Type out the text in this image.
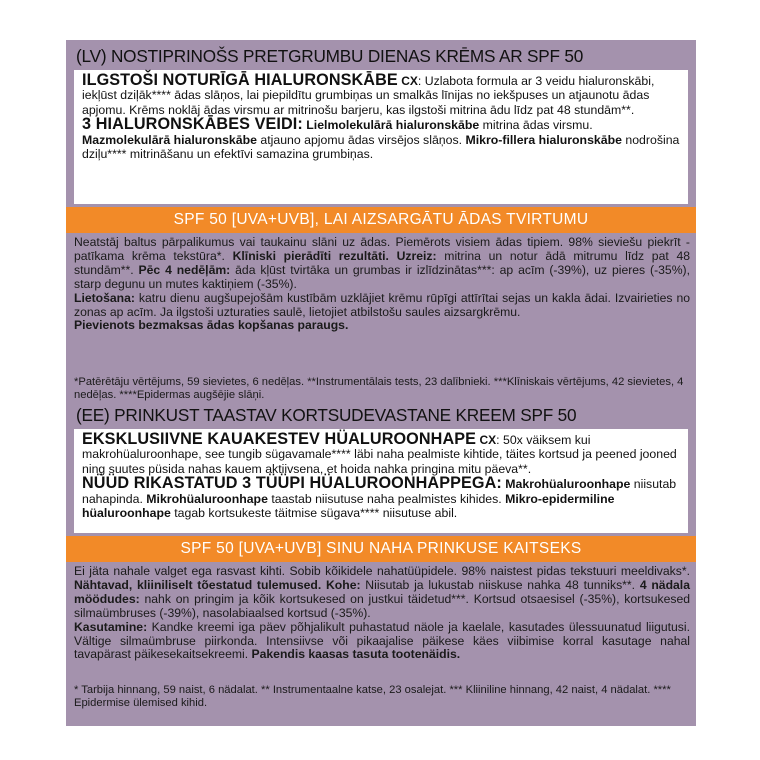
(LV) NOSTIPRINOŠS PRETGRUMBU DIENAS KRĒMS AR SPF 50
ILGSTOŠI NOTURĪGĀ HIALURONSKĀBE CX: Uzlabota formula ar 3 veidu hialuronskābi, iekļūst dziļāk**** ādas slāņos, lai piepildītu grumbiņas un smalkās līnijas no iekšpuses un atjaunotu ādas apjomu. Krēms noklāj ādas virsmu ar mitrinošu barjeru, kas ilgstoši mitrina ādu līdz pat 48 stundām**.
3 HIALURONSKĀBES VEIDI: Lielmolekulārā hialuronskābe mitrina ādas virsmu. Mazmolekulārā hialuronskābe atjauno apjomu ādas virsējos slāņos. Mikro-fillera hialuronskābe nodrošina dziļu**** mitrināšanu un efektīvi samazina grumbiņas.
SPF 50 [UVA+UVB], LAI AIZSARGĀTU ĀDAS TVIRTUMU
Neatstāj baltus pārpalikumus vai taukainu slāni uz ādas. Piemērots visiem ādas tipiem. 98% sieviešu piekrīt - patīkama krēma tekstūra*. Klīniski pierādīti rezultāti. Uzreiz: mitrina un notur ādā mitrumu līdz pat 48 stundām**. Pēc 4 nedēļām: āda kļūst tvirtāka un grumbas ir izlīdzinātas***: ap acīm (-39%), uz pieres (-35%), starp degunu un mutes kaktiņiem (-35%).
Lietošana: katru dienu augšupejošām kustībām uzklājiet krēmu rūpīgi attīrītai sejas un kakla ādai. Izvairieties no zonas ap acīm. Ja ilgstoši uzturaties saulē, lietojiet atbilstošu saules aizsargkrēmu.
Pievienots bezmaksas ādas kopšanas paraugs.
*Patērētāju vērtējums, 59 sievietes, 6 nedēļas. **Instrumentālais tests, 23 dalībnieki. ***Klīniskais vērtējums, 42 sievietes, 4 nedēļas. ****Epidermas augšējie slāņi.
(EE) PRINKUST TAASTAV KORTSUDEVASTANE KREEM SPF 50
EKSKLUSIIVNE KAUAKESTEV HÜALUROONHAPE CX: 50x väiksem kui makrohüaluroonhape, see tungib sügavamale**** läbi naha pealmiste kihtide, täites kortsud ja peened jooned ning suutes püsida nahas kauem aktiivsena, et hoida nahka pringina mitu päeva**.
NÜÜD RIKASTATUD 3 TÜÜPI HÜALUROONHAPPEGA: Makrohüaluroonhape niisutab nahapinda. Mikrohüaluroonhape taastab niisutuse naha pealmistes kihides. Mikro-epidermiline hüaluroonhape tagab kortsukeste täitmise sügava**** niisutuse abil.
SPF 50 [UVA+UVB] SINU NAHA PRINKUSE KAITSEKS
Ei jäta nahale valget ega rasvast kihti. Sobib kõikidele nahatüüpidele. 98% naistest pidas tekstuuri meeldivaks*. Nähtavad, kliiniliselt tõestatud tulemused. Kohe: Niisutab ja lukustab niiskuse nahka 48 tunniks**. 4 nädala möödudes: nahk on pringim ja kõik kortsukesed on justkui täidetud***. Kortsud otsaesisel (-35%), kortsukesed silmaümbruses (-39%), nasolabiaalsed kortsud (-35%).
Kasutamine: Kandke kreemi iga päev põhjalikult puhastatud näole ja kaelale, kasutades ülessuunatud liigutusi. Vältige silmaümbruse piirkonda. Intensiivse või pikaajalise päikese käes viibimise korral kasutage nahal tavapärast päikesekaitsekreemi. Pakendis kaasas tasuta tootenäidis.
* Tarbija hinnang, 59 naist, 6 nädalat. ** Instrumentaalne katse, 23 osalejat. *** Kliiniline hinnang, 42 naist, 4 nädalat. **** Epidermise ülemised kihid.
